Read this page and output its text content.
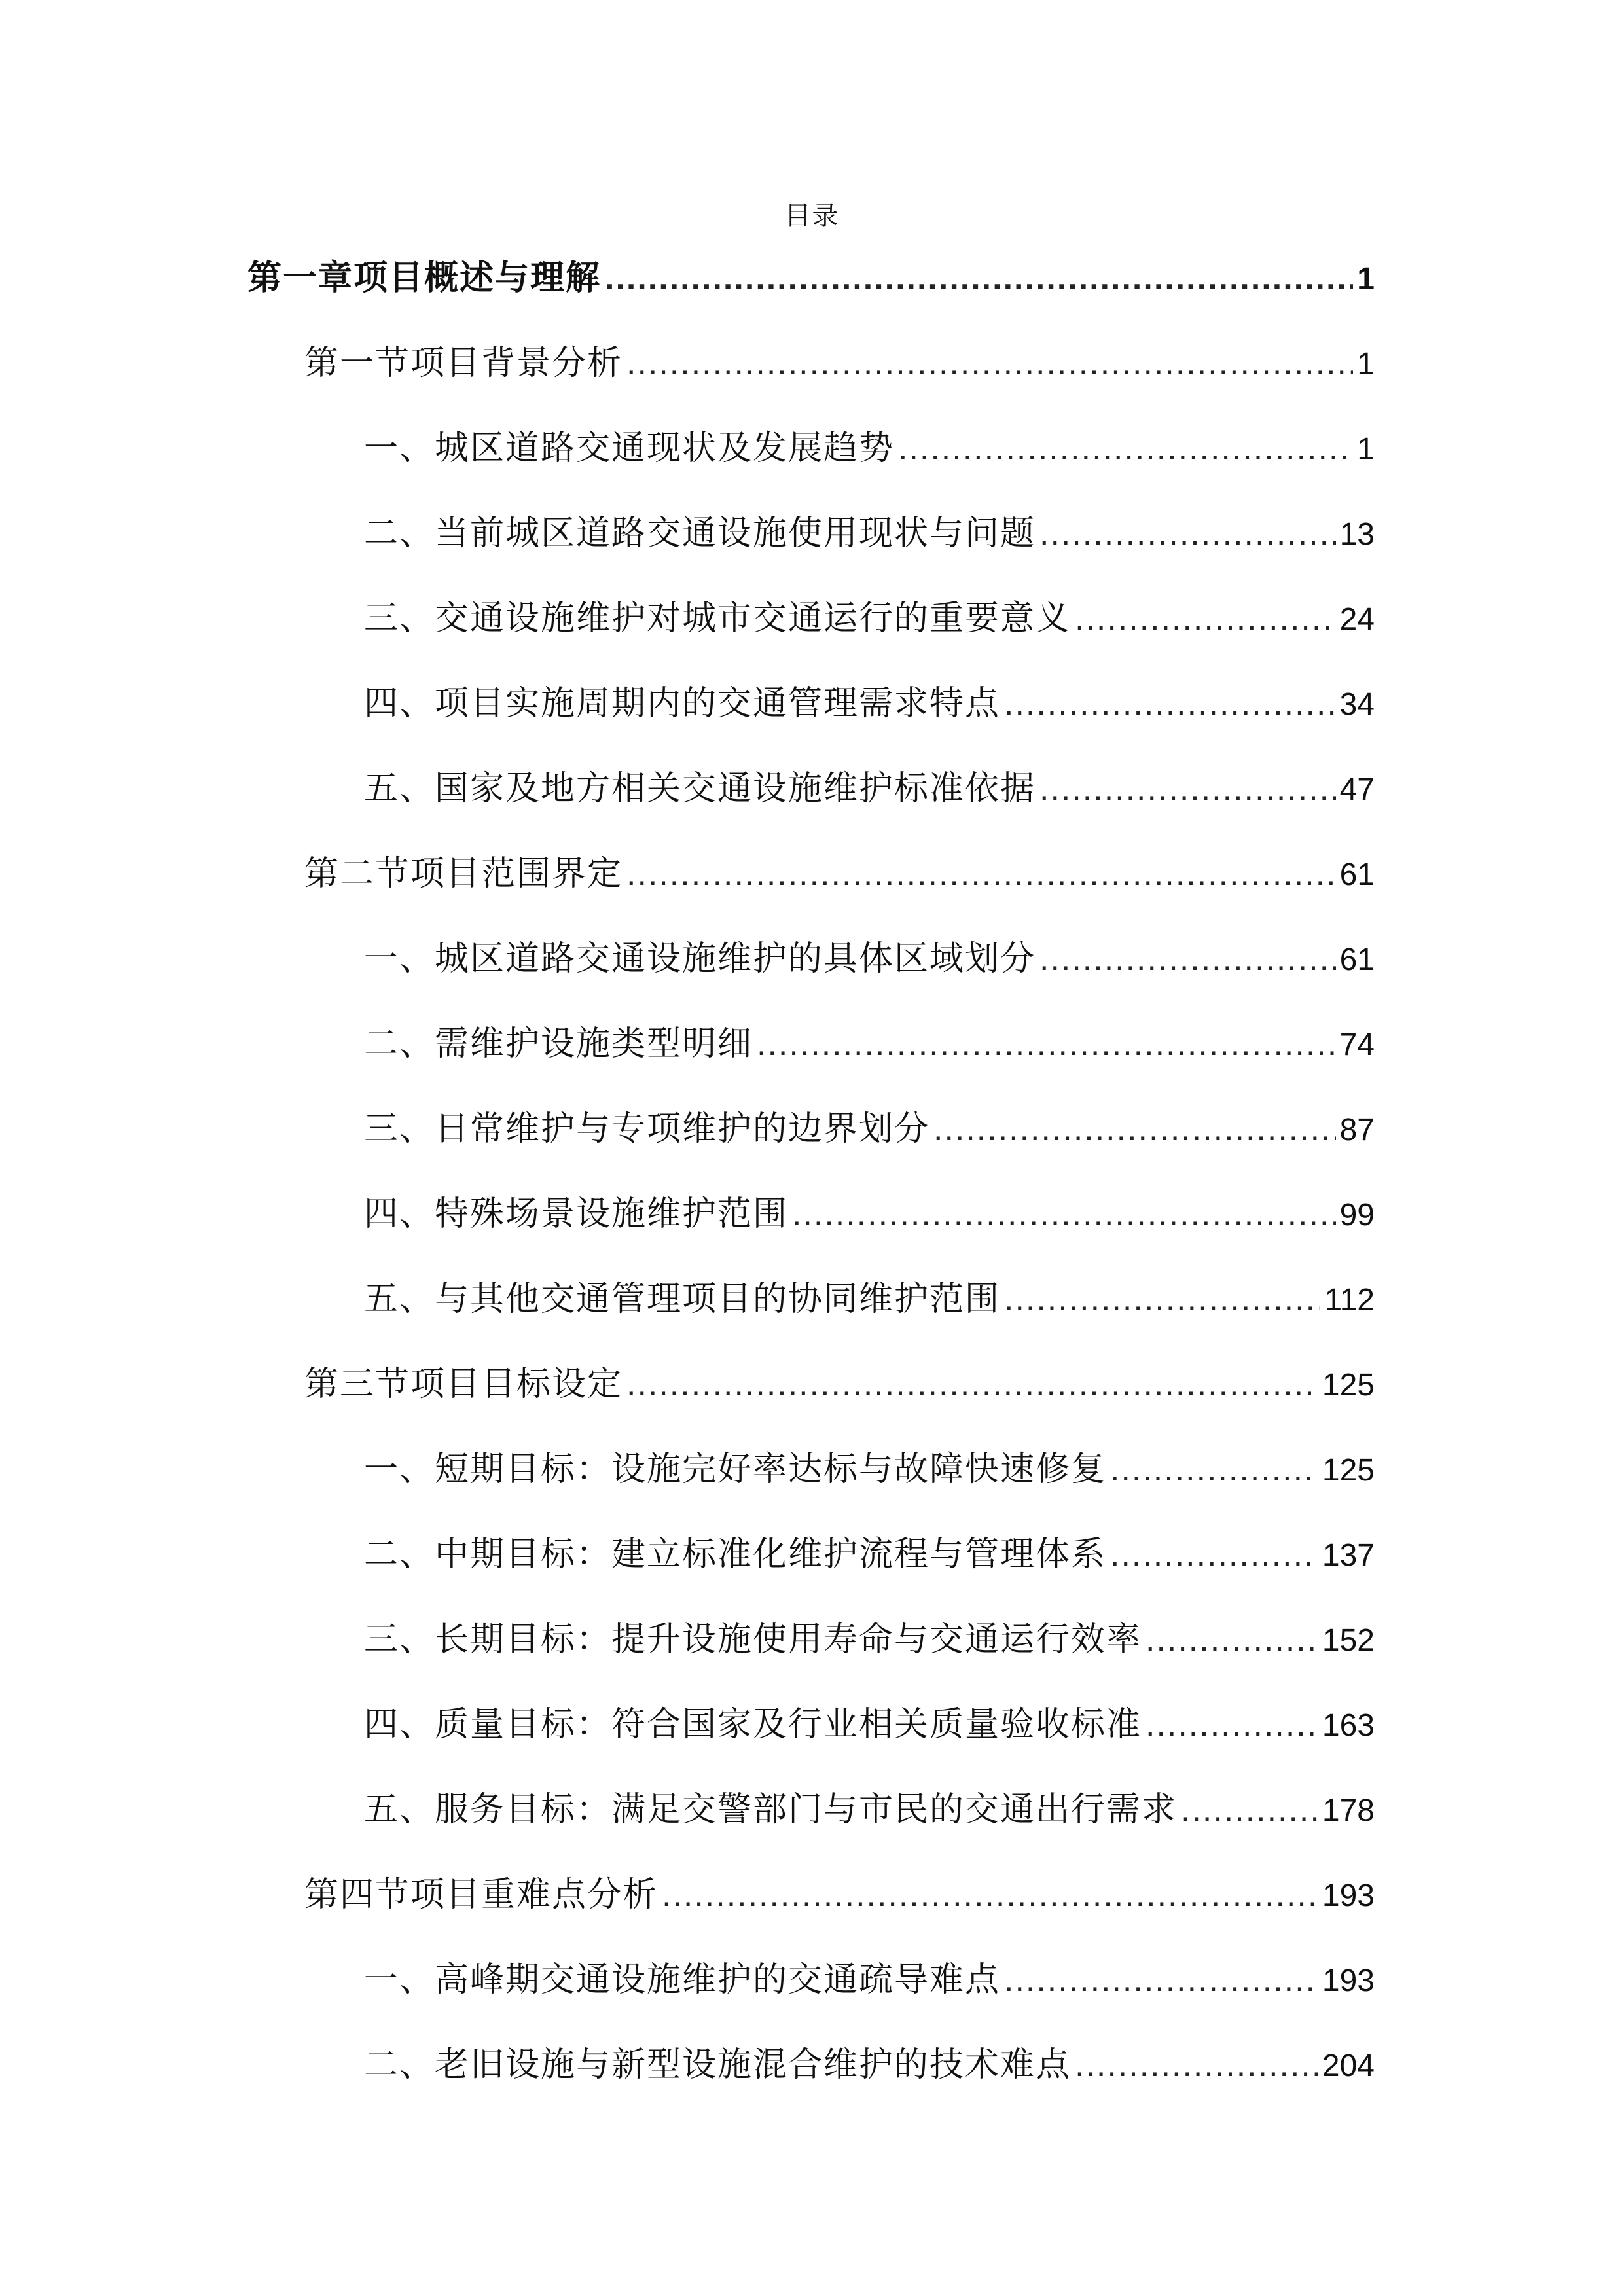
目录
第一章项目概述与理解 .....	1
第一节项目背景分析 .....	1
一、城区道路交通现状及发展趋势 .....	1
二、当前城区道路交通设施使用现状与问题 .....	13
三、交通设施维护对城市交通运行的重要意义 .....	24
四、项目实施周期内的交通管理需求特点 .....	34
五、国家及地方相关交通设施维护标准依据 .....	47
第二节项目范围界定 .....	61
一、城区道路交通设施维护的具体区域划分 .....	61
二、需维护设施类型明细 .....	74
三、日常维护与专项维护的边界划分 .....	87
四、特殊场景设施维护范围 .....	99
五、与其他交通管理项目的协同维护范围 .....	112
第三节项目目标设定 .....	125
一、短期目标：设施完好率达标与故障快速修复 .....	125
二、中期目标：建立标准化维护流程与管理体系 .....	137
三、长期目标：提升设施使用寿命与交通运行效率 .....	152
四、质量目标：符合国家及行业相关质量验收标准 .....	163
五、服务目标：满足交警部门与市民的交通出行需求 .....	178
第四节项目重难点分析 .....	193
一、高峰期交通设施维护的交通疏导难点 .....	193
二、老旧设施与新型设施混合维护的技术难点 .....	204
